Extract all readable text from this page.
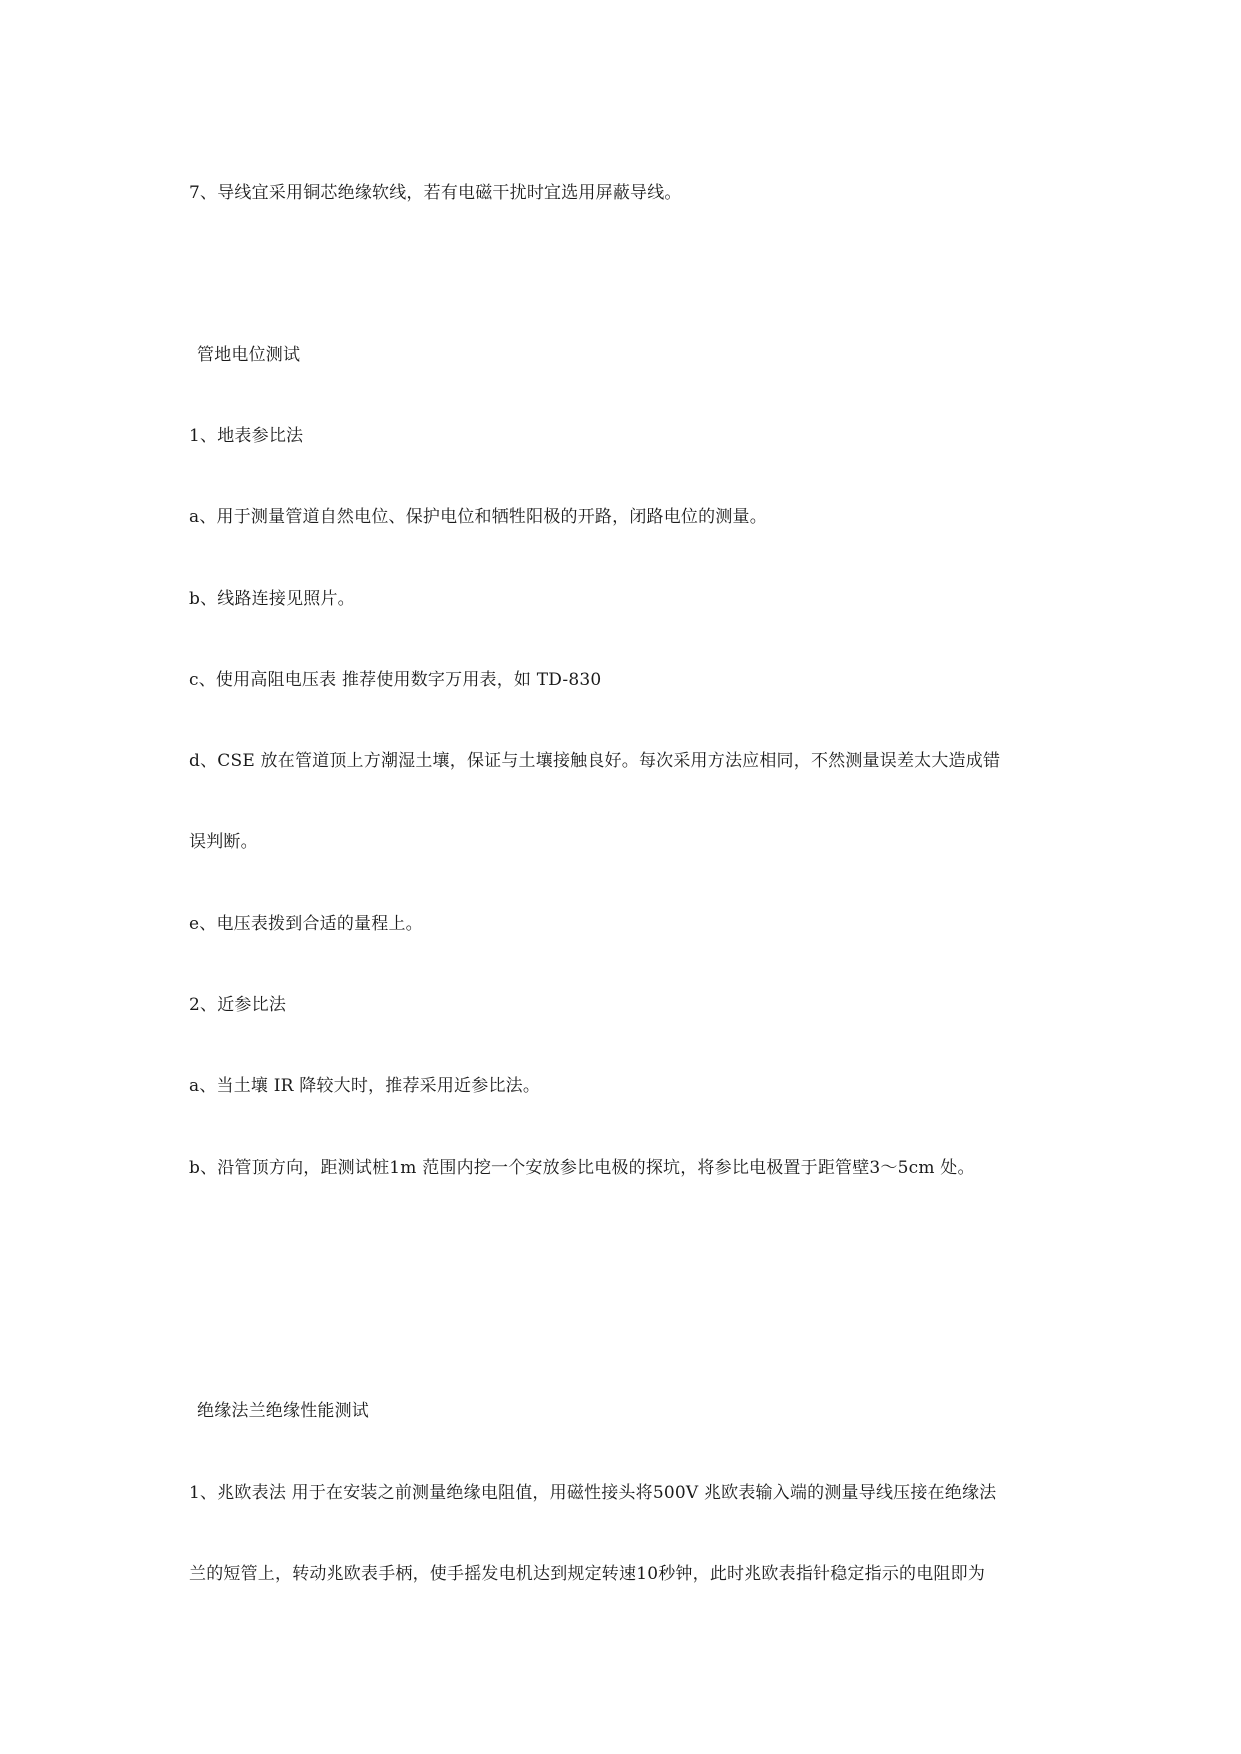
7、导线宜采用铜芯绝缘软线，若有电磁干扰时宜选用屏蔽导线。
管地电位测试
1、地表参比法
a、用于测量管道自然电位、保护电位和牺牲阳极的开路，闭路电位的测量。
b、线路连接见照片。
c、使用高阻电压表 推荐使用数字万用表，如 TD-830
d、CSE 放在管道顶上方潮湿土壤，保证与土壤接触良好。每次采用方法应相同，不然测量误差太大造成错
误判断。
e、电压表拨到合适的量程上。
2、近参比法
a、当土壤 IR 降较大时，推荐采用近参比法。
b、沿管顶方向，距测试桩1m 范围内挖一个安放参比电极的探坑，将参比电极置于距管壁3～5cm 处。
绝缘法兰绝缘性能测试
1、兆欧表法 用于在安装之前测量绝缘电阻值，用磁性接头将500V 兆欧表输入端的测量导线压接在绝缘法
兰的短管上，转动兆欧表手柄，使手摇发电机达到规定转速10秒钟，此时兆欧表指针稳定指示的电阻即为
